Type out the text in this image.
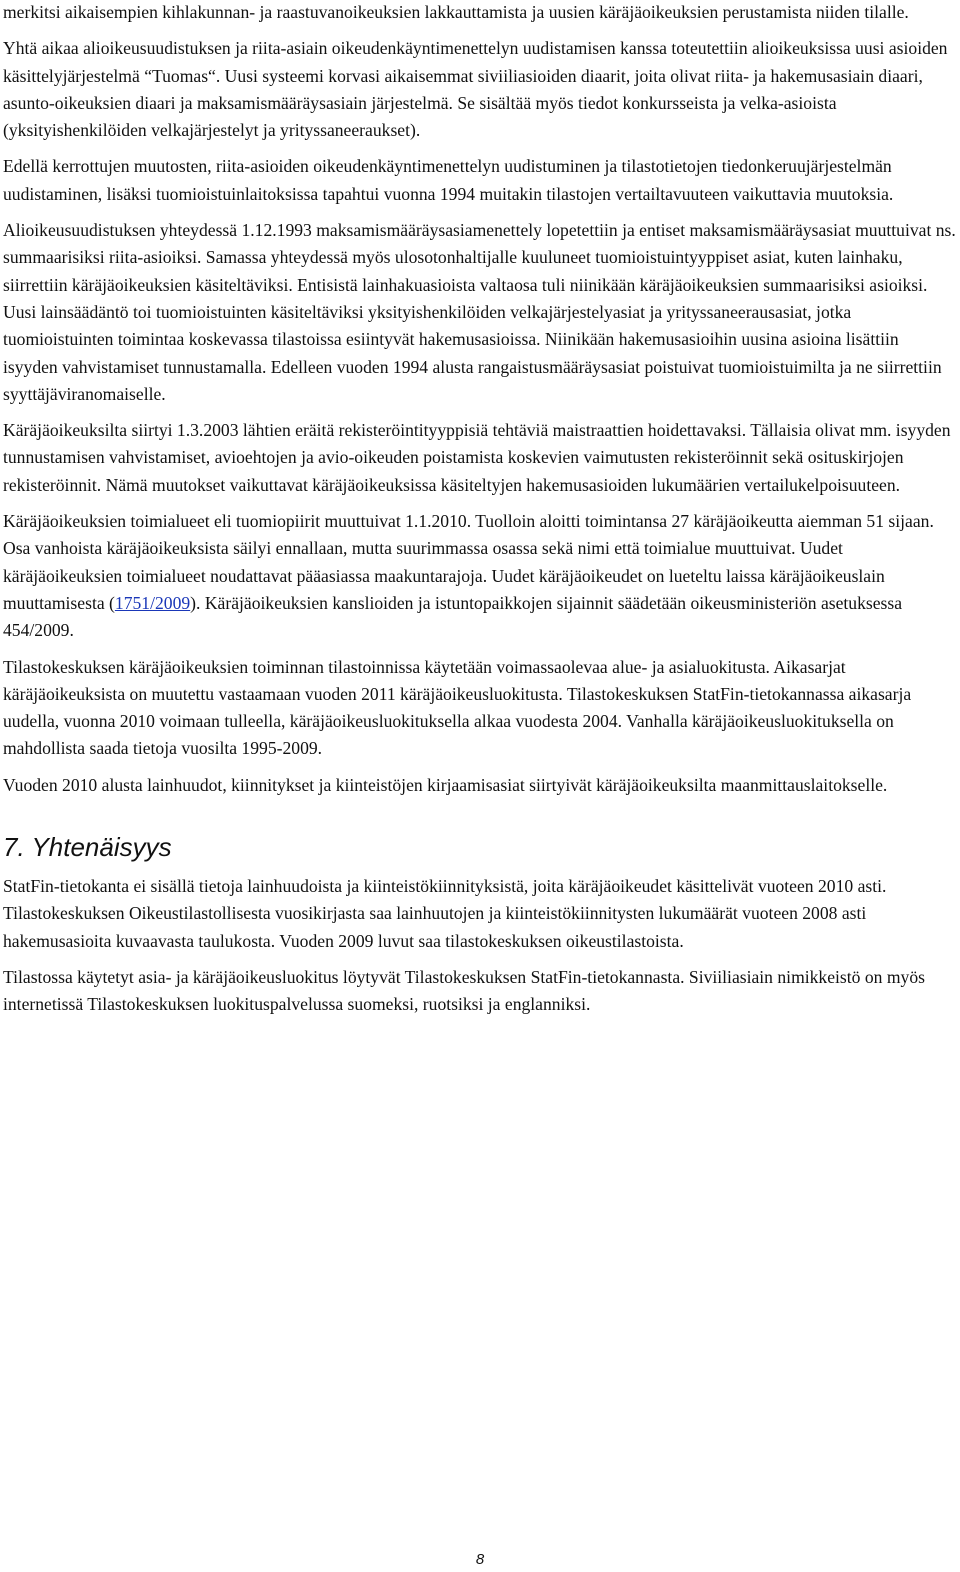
merkitsi aikaisempien kihlakunnan- ja raastuvanoikeuksien lakkauttamista ja uusien käräjäoikeuksien perustamista niiden tilalle.

Yhtä aikaa alioikeusuudistuksen ja riita-asiain oikeudenkäyntimenettelyn uudistamisen kanssa toteutettiin alioikeuksissa uusi asioiden käsittelyjärjestelmä “Tuomas“. Uusi systeemi korvasi aikaisemmat siviiliasioiden diaarit, joita olivat riita- ja hakemusasiain diaari, asunto-oikeuksien diaari ja maksamismääräysasiain järjestelmä. Se sisältää myös tiedot konkursseista ja velka-asioista (yksityishenkilöiden velkajärjestelyt ja yrityssaneeraukset).

Edellä kerrottujen muutosten, riita-asioiden oikeudenkäyntimenettelyn uudistuminen ja tilastotietojen tiedonkeruujärjestelmän uudistaminen, lisäksi tuomioistuinlaitoksissa tapahtui vuonna 1994 muitakin tilastojen vertailtavuuteen vaikuttavia muutoksia.

Alioikeusuudistuksen yhteydessä 1.12.1993 maksamismääräysasiamenettely lopetettiin ja entiset maksamismääräysasiat muuttuivat ns. summaarisiksi riita-asioiksi. Samassa yhteydessä myös ulosotonhaltijalle kuuluneet tuomioistuintyyppiset asiat, kuten lainhaku, siirrettiin käräjäoikeuksien käsiteltäviksi. Entisistä lainhakuasioista valtaosa tuli niinikään käräjäoikeuksien summaarisiksi asioiksi. Uusi lainsäädäntö toi tuomioistuinten käsiteltäviksi yksityishenkilöiden velkajärjestelyasiat ja yrityssaneerausasiat, jotka tuomioistuinten toimintaa koskevassa tilastoissa esiintyvät hakemusasioissa. Niinikään hakemusasioihin uusina asioina lisättiin isyyden vahvistamiset tunnustamalla. Edelleen vuoden 1994 alusta rangaistusmääräysasiat poistuivat tuomioistuimilta ja ne siirrettiin syyttäjäviranomaiselle.

Käräjäoikeuksilta siirtyi 1.3.2003 lähtien eräitä rekisteröintityyppisiä tehtäviä maistraattien hoidettavaksi. Tällaisia olivat mm. isyyden tunnustamisen vahvistamiset, avioehtojen ja avio-oikeuden poistamista koskevien vaimutusten rekisteröinnit sekä osituskirjojen rekisteröinnit. Nämä muutokset vaikuttavat käräjäoikeuksissa käsiteltyjen hakemusasioiden lukumäärien vertailukelpoisuuteen.

Käräjäoikeuksien toimialueet eli tuomiopiirit muuttuivat 1.1.2010. Tuolloin aloitti toimintansa 27 käräjäoikeutta aiemman 51 sijaan. Osa vanhoista käräjäoikeuksista säilyi ennallaan, mutta suurimmassa osassa sekä nimi että toimialue muuttuivat. Uudet käräjäoikeuksien toimialueet noudattavat pääasiassa maakuntarajoja. Uudet käräjäoikeudet on lueteltu laissa käräjäoikeuslain muuttamisesta (1751/2009). Käräjäoikeuksien kanslioiden ja istuntopaikkojen sijainnit säädetään oikeusministeriön asetuksessa 454/2009.

Tilastokeskuksen käräjäoikeuksien toiminnan tilastoinnissa käytetään voimassaolevaa alue- ja asialuokitusta. Aikasarjat käräjäoikeuksista on muutettu vastaamaan vuoden 2011 käräjäoikeusluokitusta. Tilastokeskuksen StatFin-tietokannassa aikasarja uudella, vuonna 2010 voimaan tulleella, käräjäoikeusluokituksella alkaa vuodesta 2004. Vanhalla käräjäoikeusluokituksella on mahdollista saada tietoja vuosilta 1995-2009.

Vuoden 2010 alusta lainhuudot, kiinnitykset ja kiinteistöjen kirjaamisasiat siirtyivät käräjäoikeuksilta maanmittauslaitokselle.

7. Yhtenäisyys

StatFin-tietokanta ei sisällä tietoja lainhuudoista ja kiinteistökiinnityksistä, joita käräjäoikeudet käsittelivät vuoteen 2010 asti. Tilastokeskuksen Oikeustilastollisesta vuosikirjasta saa lainhuutojen ja kiinteistökiinnitysten lukumäärät vuoteen 2008 asti hakemusasioita kuvaavasta taulukosta. Vuoden 2009 luvut saa tilastokeskuksen oikeustilastoista.

Tilastossa käytetyt asia- ja käräjäoikeusluokitus löytyvät Tilastokeskuksen StatFin-tietokannasta. Siviiliasiain nimikkeistö on myös internetissä Tilastokeskuksen luokituspalvelussa suomeksi, ruotsiksi ja englanniksi.

8
